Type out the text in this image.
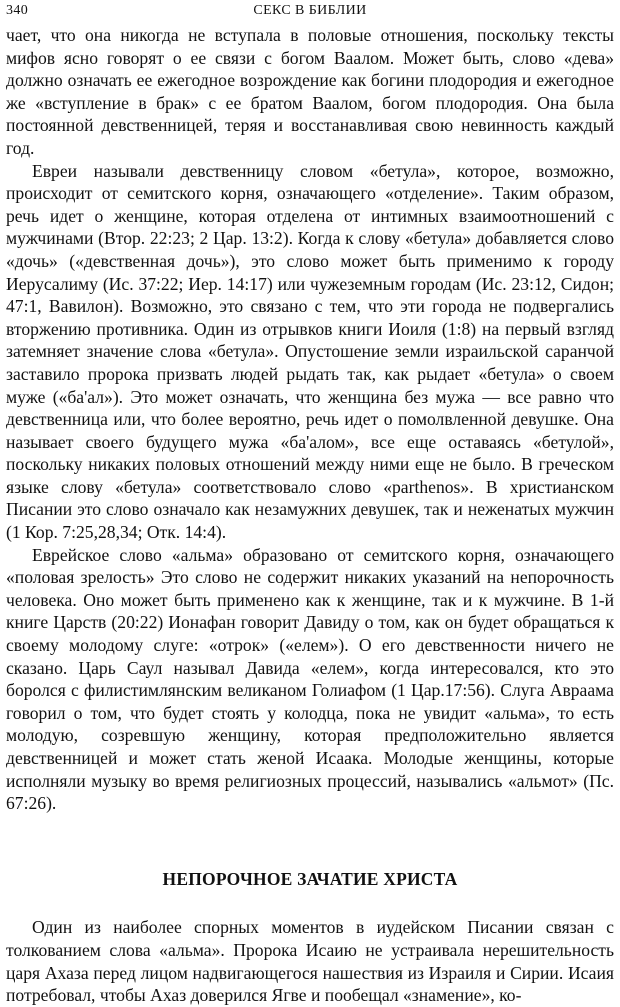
340	СЕКС В БИБЛИИ

чает, что она никогда не вступала в половые отношения, поскольку тексты мифов ясно говорят о ее связи с богом Ваалом. Может быть, слово «дева» должно означать ее ежегодное возрождение как богини плодородия и ежегодное же «вступление в брак» с ее братом Ваалом, богом плодородия. Она была постоянной девственницей, теряя и восстанавливая свою невинность каждый год.

Евреи называли девственницу словом «бетула», которое, возможно, происходит от семитского корня, означающего «отделение». Таким образом, речь идет о женщине, которая отделена от интимных взаимоотношений с мужчинами (Втор. 22:23; 2 Цар. 13:2). Когда к слову «бетула» добавляется слово «дочь» («девственная дочь»), это слово может быть применимо к городу Иерусалиму (Ис. 37:22; Иер. 14:17) или чужеземным городам (Ис. 23:12, Сидон; 47:1, Вавилон). Возможно, это связано с тем, что эти города не подвергались вторжению противника. Один из отрывков книги Иоиля (1:8) на первый взгляд затемняет значение слова «бетула». Опустошение земли израильской саранчой заставило пророка призвать людей рыдать так, как рыдает «бетула» о своем муже («ба'ал»). Это может означать, что женщина без мужа — все равно что девственница или, что более вероятно, речь идет о помолвленной девушке. Она называет своего будущего мужа «ба'алом», все еще оставаясь «бетулой», поскольку никаких половых отношений между ними еще не было. В греческом языке слову «бетула» соответствовало слово «parthenos». В христианском Писании это слово означало как незамужних девушек, так и неженатых мужчин (1 Кор. 7:25,28,34; Отк. 14:4).

Еврейское слово «альма» образовано от семитского корня, означающего «половая зрелость» Это слово не содержит никаких указаний на непорочность человека. Оно может быть применено как к женщине, так и к мужчине. В 1-й книге Царств (20:22) Ионафан говорит Давиду о том, как он будет обращаться к своему молодому слуге: «отрок» («елем»). О его девственности ничего не сказано. Царь Саул называл Давида «елем», когда интересовался, кто это боролся с филистимлянским великаном Голиафом (1 Цар.17:56). Слуга Авраама говорил о том, что будет стоять у колодца, пока не увидит «альма», то есть молодую, созревшую женщину, которая предположительно является девственницей и может стать женой Исаака. Молодые женщины, которые исполняли музыку во время религиозных процессий, назывались «альмот» (Пс. 67:26).

НЕПОРОЧНОЕ ЗАЧАТИЕ ХРИСТА

Один из наиболее спорных моментов в иудейском Писании связан с толкованием слова «альма». Пророка Исаию не устраивала нерешительность царя Ахаза перед лицом надвигающегося нашествия из Израиля и Сирии. Исаия потребовал, чтобы Ахаз доверился Ягве и пообещал «знамение», ко-
